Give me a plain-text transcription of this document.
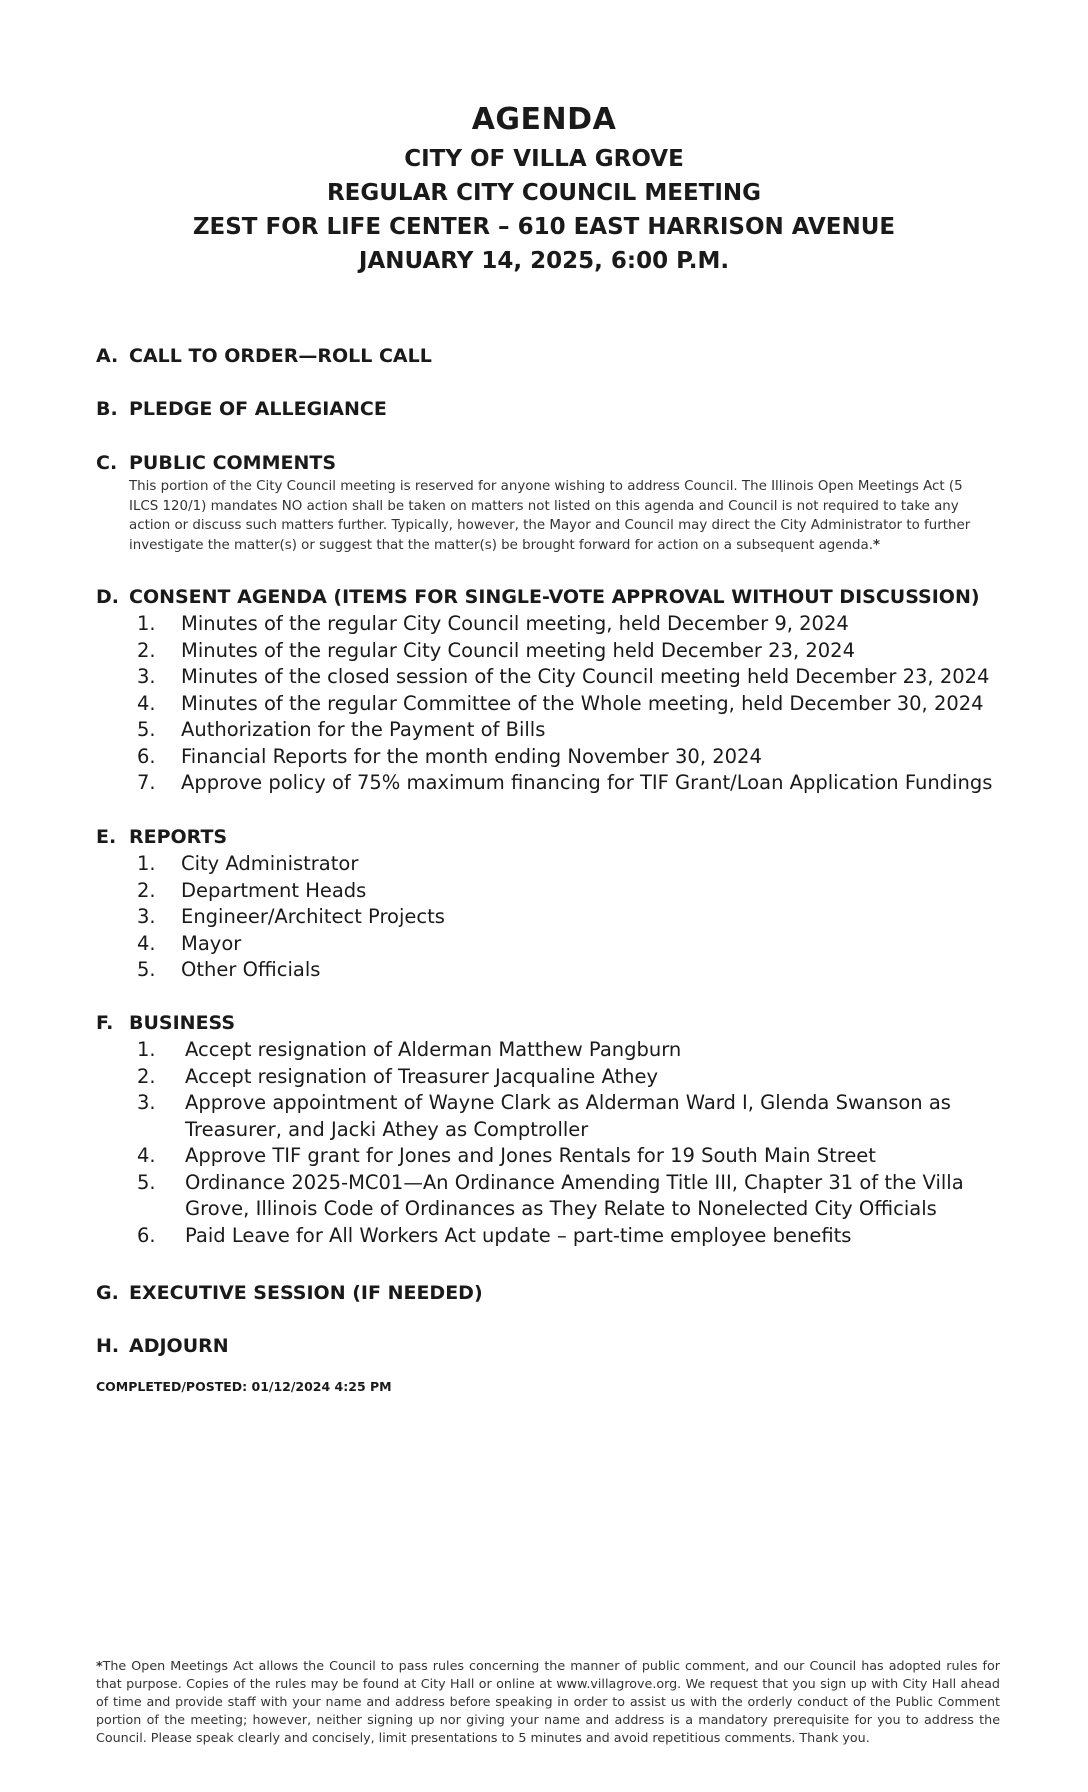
AGENDA
CITY OF VILLA GROVE
REGULAR CITY COUNCIL MEETING
ZEST FOR LIFE CENTER – 610 EAST HARRISON AVENUE
JANUARY 14, 2025, 6:00 P.M.
A. CALL TO ORDER—ROLL CALL
B. PLEDGE OF ALLEGIANCE
C. PUBLIC COMMENTS
This portion of the City Council meeting is reserved for anyone wishing to address Council. The Illinois Open Meetings Act (5 ILCS 120/1) mandates NO action shall be taken on matters not listed on this agenda and Council is not required to take any action or discuss such matters further. Typically, however, the Mayor and Council may direct the City Administrator to further investigate the matter(s) or suggest that the matter(s) be brought forward for action on a subsequent agenda.*
D. CONSENT AGENDA (ITEMS FOR SINGLE-VOTE APPROVAL WITHOUT DISCUSSION)
1. Minutes of the regular City Council meeting, held December 9, 2024
2. Minutes of the regular City Council meeting held December 23, 2024
3. Minutes of the closed session of the City Council meeting held December 23, 2024
4. Minutes of the regular Committee of the Whole meeting, held December 30, 2024
5. Authorization for the Payment of Bills
6. Financial Reports for the month ending November 30, 2024
7. Approve policy of 75% maximum financing for TIF Grant/Loan Application Fundings
E. REPORTS
1. City Administrator
2. Department Heads
3. Engineer/Architect Projects
4. Mayor
5. Other Officials
F. BUSINESS
1. Accept resignation of Alderman Matthew Pangburn
2. Accept resignation of Treasurer Jacqualine Athey
3. Approve appointment of Wayne Clark as Alderman Ward I, Glenda Swanson as Treasurer, and Jacki Athey as Comptroller
4. Approve TIF grant for Jones and Jones Rentals for 19 South Main Street
5. Ordinance 2025-MC01—An Ordinance Amending Title III, Chapter 31 of the Villa Grove, Illinois Code of Ordinances as They Relate to Nonelected City Officials
6. Paid Leave for All Workers Act update – part-time employee benefits
G. EXECUTIVE SESSION (IF NEEDED)
H. ADJOURN
COMPLETED/POSTED: 01/12/2024 4:25 PM
*The Open Meetings Act allows the Council to pass rules concerning the manner of public comment, and our Council has adopted rules for that purpose. Copies of the rules may be found at City Hall or online at www.villagrove.org. We request that you sign up with City Hall ahead of time and provide staff with your name and address before speaking in order to assist us with the orderly conduct of the Public Comment portion of the meeting; however, neither signing up nor giving your name and address is a mandatory prerequisite for you to address the Council. Please speak clearly and concisely, limit presentations to 5 minutes and avoid repetitious comments. Thank you.
